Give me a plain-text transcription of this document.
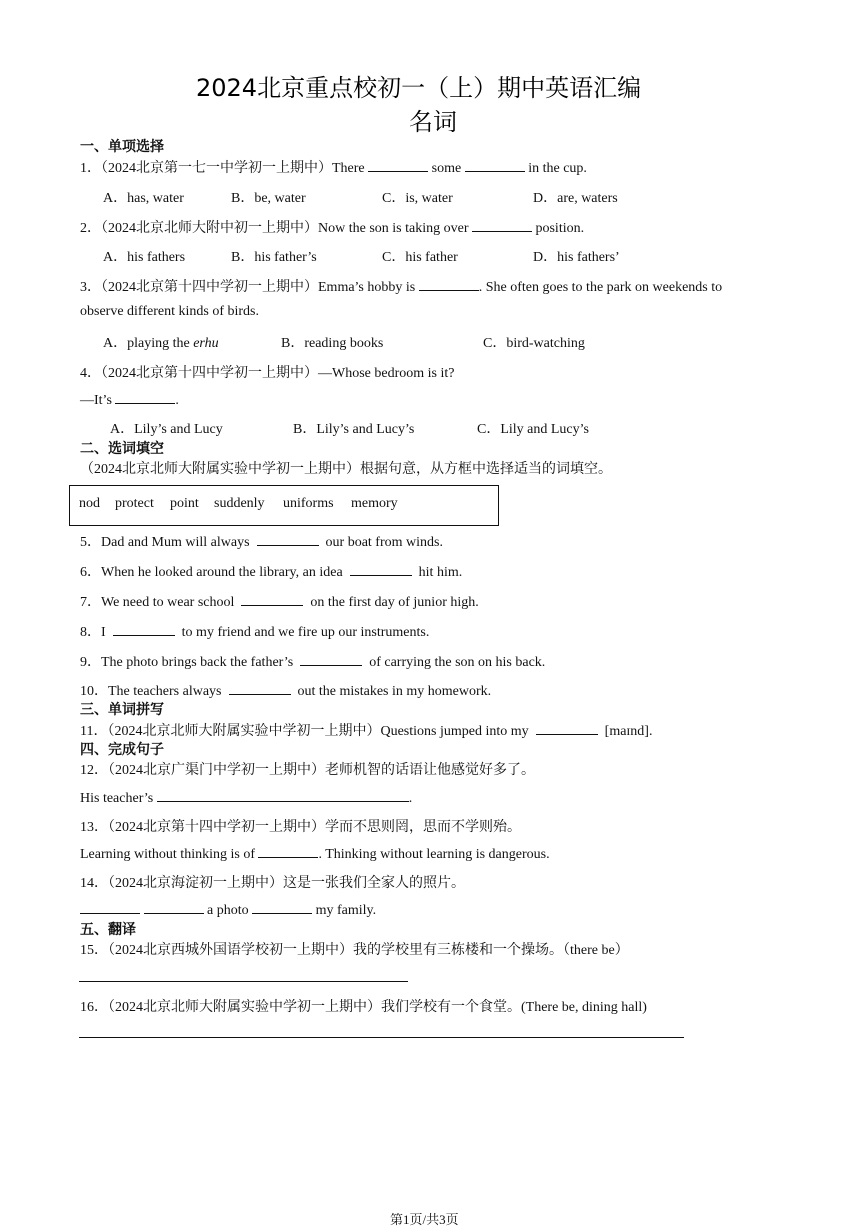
2024北京重点校初一（上）期中英语汇编
名词
一、单项选择
1．（2024北京第一七一中学初一上期中）There	some	in the cup.
A．has, water	B．be, water	C．is, water	D．are, waters
2．（2024北京北师大附中初一上期中）Now the son is taking over	position.
A．his fathers	B．his father’s	C．his father	D．his fathers’
3．（2024北京第十四中学初一上期中）Emma’s hobby is	. She often goes to the park on weekends to
observe different kinds of birds.
A．playing the erhu	B．reading books	C．bird-watching
4．（2024北京第十四中学初一上期中）—Whose bedroom is it?
—It’s	.
A．Lily’s and Lucy	B．Lily’s and Lucy’s	C．Lily and Lucy’s
二、选词填空
（2024北京北师大附属实验中学初一上期中）根据句意，从方框中选择适当的词填空。
nod protect point suddenly uniforms memory
5．Dad and Mum will always	our boat from winds.
6．When he looked around the library, an idea	hit him.
7．We need to wear school	on the first day of junior high.
8．I	to my friend and we fire up our instruments.
9．The photo brings back the father’s	of carrying the son on his back.
10．The teachers always	out the mistakes in my homework.
三、单词拼写
11．（2024北京北师大附属实验中学初一上期中）Questions jumped into my	[maɪnd].
四、完成句子
12．（2024北京广渠门中学初一上期中）老师机智的话语让他感觉好多了。
His teacher’s	.
13．（2024北京第十四中学初一上期中）学而不思则罔，思而不学则殆。
Learning without thinking is of	. Thinking without learning is dangerous.
14．（2024北京海淀初一上期中）这是一张我们全家人的照片。
a photo	my family.
五、翻译
15．（2024北京西城外国语学校初一上期中）我的学校里有三栋楼和一个操场。（there be）
16．（2024北京北师大附属实验中学初一上期中）我们学校有一个食堂。(There be, dining hall)
第1页/共3页
